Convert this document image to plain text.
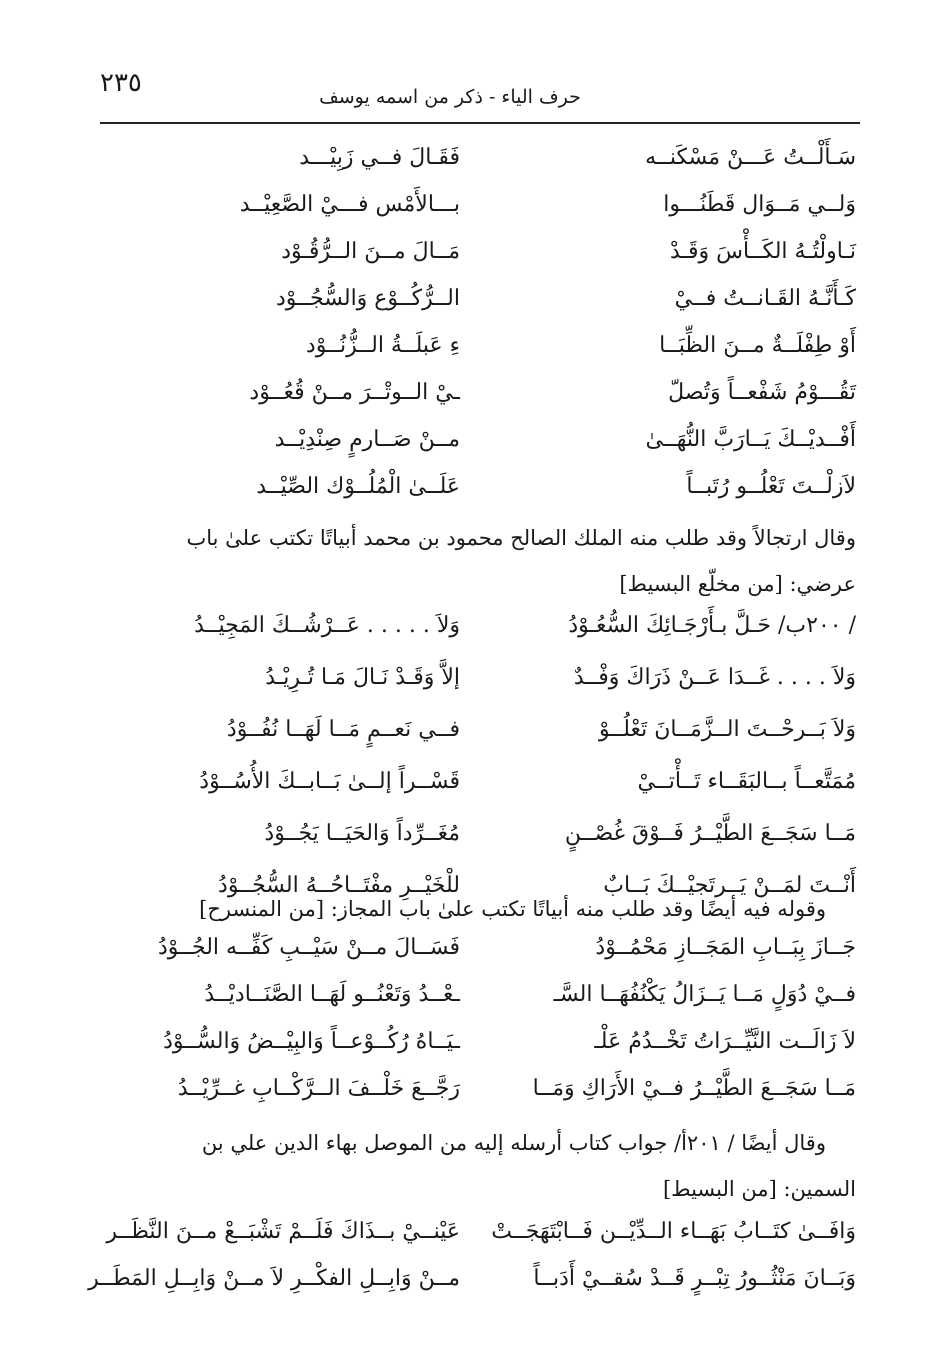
٢٣٥	حرف الياء - ذكر من اسمه يوسف
سَـأَلْــتُ عَـــنْ مَسْكَنــه
فَقَـالَ فــي زَبِيْـــد
وَلــي مَــوَال قَطَنُـــوا
بـــالأَمْس فـــيْ الصَّعِيْــد
نَـاولْتُـهُ الكَــأْسَ وَقَـدْ
مَــالَ مــنَ الــرُّقُـوْد
كَـأَنَّـهُ القَـانــتُ فــيْ
الــرُّكُــوْع وَالسُّجُــوْد
أَوْ طِفْلَــةٌ مــنَ الظِّبَــا
ءِ عَبلَــةُ الــزُّنُــوْد
تَقُـــوْمُ شَفْعــاً وَتُصلّ
ـيْ الــوتْــرَ مــنْ قُعُــوْد
أَفْــديْــكَ يَــارَبَّ النُّهَــىٰ
مــنْ صَــارمٍ صِنْدِيْــد
لاَزلْــتَ تَعْلُــو رُتَبــاً
عَلَــىٰ الْمُلُــوْك الصِّيْــد
وقال ارتجالاً وقد طلب منه الملك الصالح محمود بن محمد أبياتًا تكتب علىٰ باب
عرضي: [من مخلّع البسيط]
/ ٢٠٠ب/ حَـلَّ بـأَرْجَـائِكَ السُّعُـوْدُ
وَلاَ . . . . . عَــرْشُــكَ المَجِيْــدُ
وَلاَ . . . . غَــدَا عَــنْ ذَرَاكَ وَفْــدٌ
إلاَّ وَقَـدْ نَـالَ مَـا تُـرِيْـدُ
وَلاَ بَــرحْــتَ الــزَّمَــانَ تَعْلُــوْ
فــي نَعــمٍ مَــا لَهَــا نُفُــوْدُ
مُمَتَّعــاً بــالبَقَــاء تَــأْتــيْ
قَسْــراً إلــىٰ بَــابــكَ الأُسُــوْدُ
مَــا سَجَــعَ الطَّيْــرُ فَــوْقَ غُصْــنٍ
مُغَــرِّداً وَالحَيَــا يَجُــوْدُ
أَنْــتَ لمَــنْ يَــرتَجيْــكَ بَــابٌ
للْخَيْــرِ مفْتَــاحُــهُ السُّجُــوْدُ
وقوله فيه أيضًا وقد طلب منه أبياتًا تكتب علىٰ باب المجاز: [من المنسرح]
جَــازَ بِبَــابِ المَجَــازِ مَحْمُــوْدُ
فَسَــالَ مــنْ سَيْــبِ كَفِّــه الجُــوْدُ
فــيْ دُوَلٍ مَــا يَــزَالُ يَكْنُفُهَــا السَّـ
ـعْــدُ وَتَعْنُــو لَهَــا الصَّنَــاديْــدُ
لاَ زَالَــت النَّيِّــرَاتُ تَخْــدُمُ عَلْـ
ـيَــاهُ رُكُــوْعــاً وَالبِيْــضُ وَالسُّــوْدُ
مَــا سَجَــعَ الطَّيْــرُ فــيْ الأَرَاكِ وَمَــا
رَجَّــعَ خَلْــفَ الــرَّكْــابِ غــرِّيْــدُ
وقال أيضًا / ٢٠١أ/ جواب كتاب أرسله إليه من الموصل بهاء الدين علي بن
السمين: [من البسيط]
وَافَــىٰ كتَــابُ بَهَــاء الــدِّيْــن فَــابْتَهَجَــتْ
عَيْنــيْ بــذَاكَ فَلَــمْ تَشْبَــعْ مــنَ النَّظَــر
وَبَــانَ مَنْثُــورُ تِبْــرٍ قَــدْ سُقــيْ أَدَبــاً
مــنْ وَابِــلِ الفكْــرِ لاَ مــنْ وَابِــلِ المَطَــر
